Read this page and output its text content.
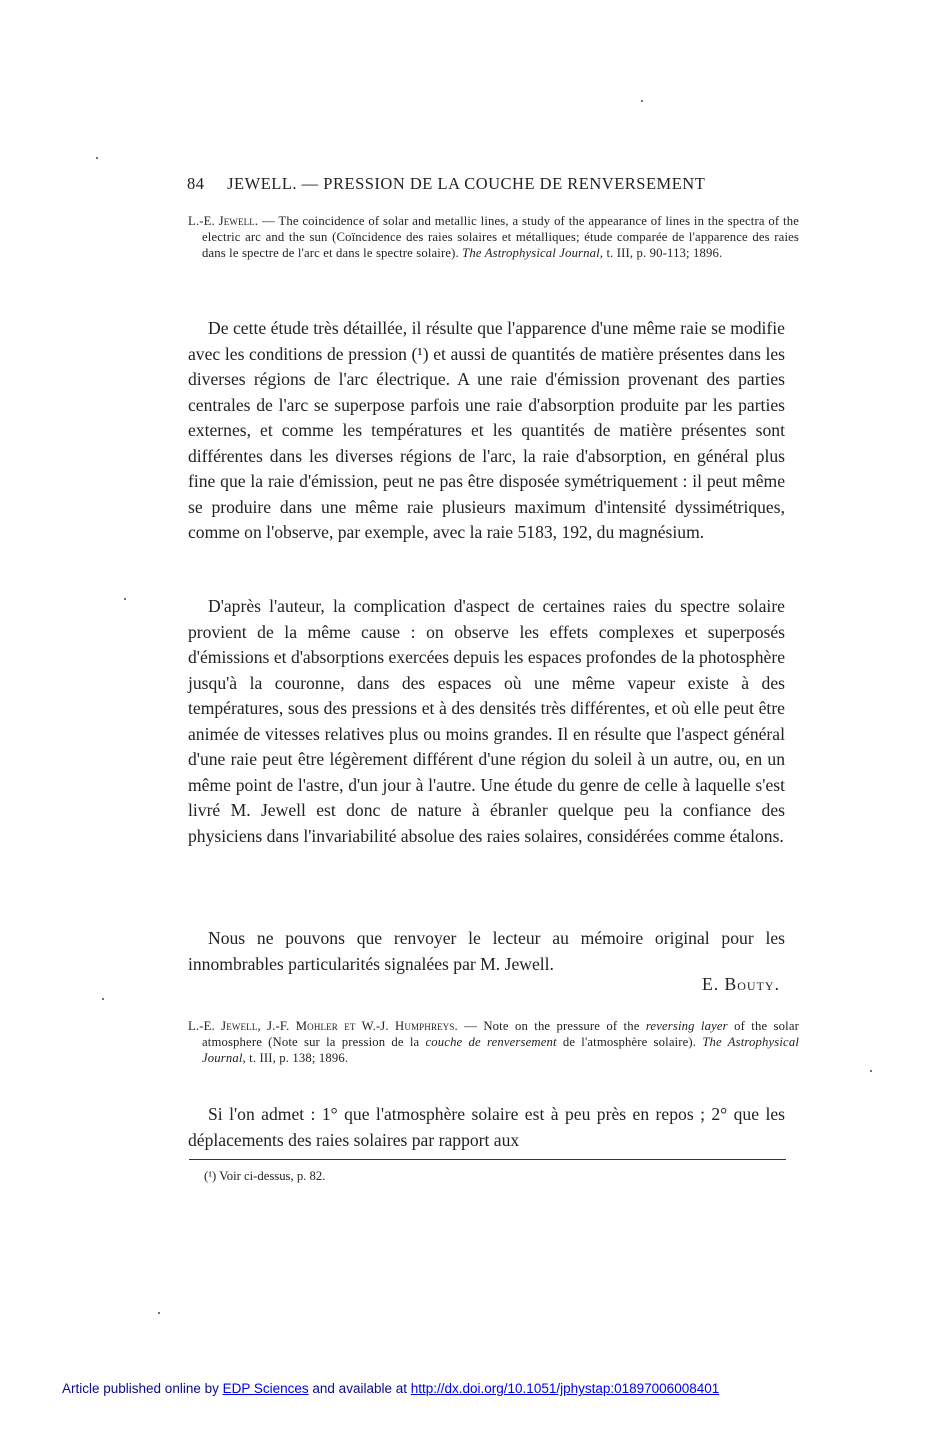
84 JEWELL. — PRESSION DE LA COUCHE DE RENVERSEMENT
L.-E. Jewell. — The coincidence of solar and metallic lines, a study of the appearance of lines in the spectra of the electric arc and the sun (Coïncidence des raies solaires et métalliques; étude comparée de l'apparence des raies dans le spectre de l'arc et dans le spectre solaire). The Astrophysical Journal, t. III, p. 90-113; 1896.

De cette étude très détaillée, il résulte que l'apparence d'une même raie se modifie avec les conditions de pression (¹) et aussi de quantités de matière présentes dans les diverses régions de l'arc électrique. A une raie d'émission provenant des parties centrales de l'arc se superpose parfois une raie d'absorption produite par les parties externes, et comme les températures et les quantités de matière présentes sont différentes dans les diverses régions de l'arc, la raie d'absorption, en général plus fine que la raie d'émission, peut ne pas être disposée symétriquement : il peut même se produire dans une même raie plusieurs maximum d'intensité dyssimétriques, comme on l'observe, par exemple, avec la raie 5183, 192, du magnésium.

D'après l'auteur, la complication d'aspect de certaines raies du spectre solaire provient de la même cause : on observe les effets complexes et superposés d'émissions et d'absorptions exercées depuis les espaces profondes de la photosphère jusqu'à la couronne, dans des espaces où une même vapeur existe à des températures, sous des pressions et à des densités très différentes, et où elle peut être animée de vitesses relatives plus ou moins grandes. Il en résulte que l'aspect général d'une raie peut être légèrement différent d'une région du soleil à un autre, ou, en un même point de l'astre, d'un jour à l'autre. Une étude du genre de celle à laquelle s'est livré M. Jewell est donc de nature à ébranler quelque peu la confiance des physiciens dans l'invariabilité absolue des raies solaires, considérées comme étalons.

Nous ne pouvons que renvoyer le lecteur au mémoire original pour les innombrables particularités signalées par M. Jewell.

E. Bouty.
L.-E. Jewell, J.-F. Mohler et W.-J. Humphreys. — Note on the pressure of the reversing layer of the solar atmosphere (Note sur la pression de la couche de renversement de l'atmosphère solaire). The Astrophysical Journal, t. III, p. 138; 1896.

Si l'on admet : 1° que l'atmosphère solaire est à peu près en repos ; 2° que les déplacements des raies solaires par rapport aux

(¹) Voir ci-dessus, p. 82.
Article published online by EDP Sciences and available at http://dx.doi.org/10.1051/jphystap:01897006008401
